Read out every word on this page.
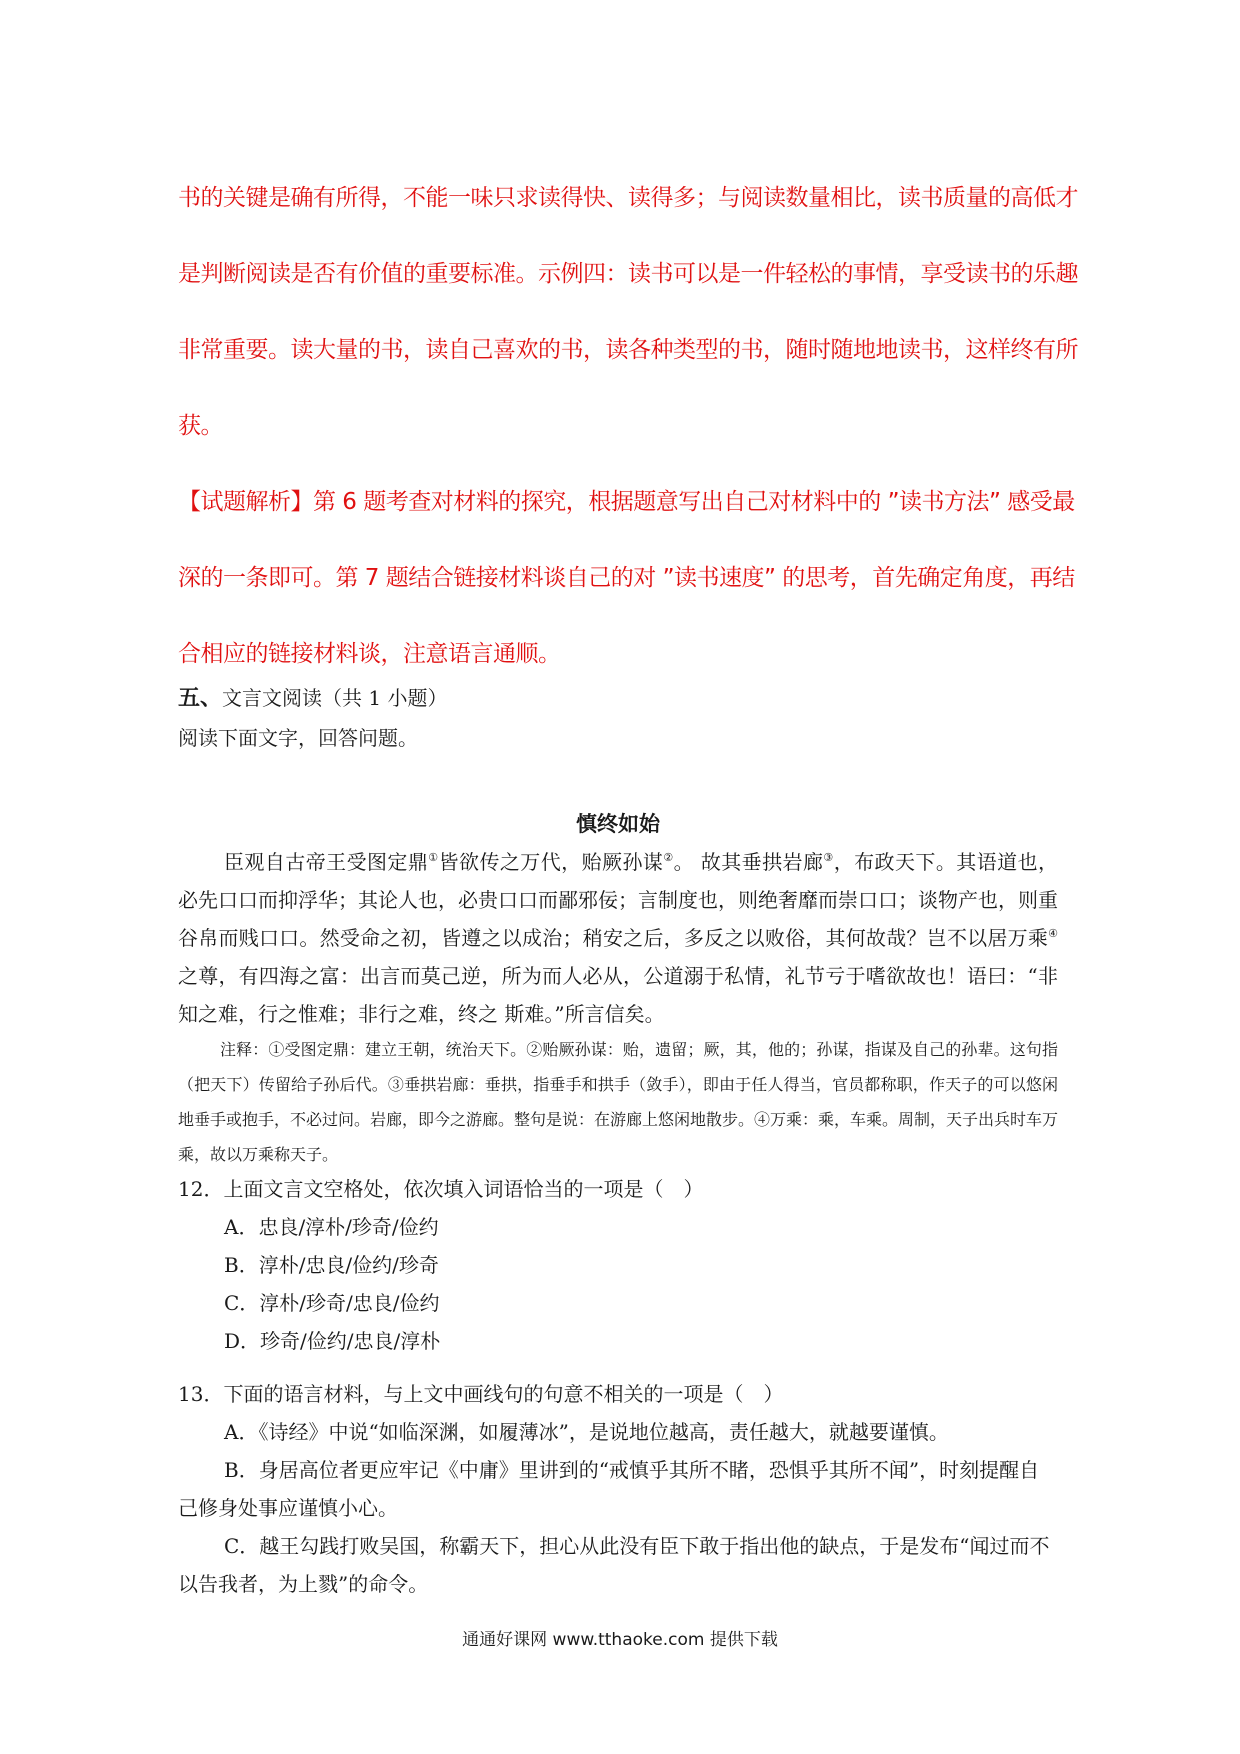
书的关键是确有所得，不能一味只求读得快、读得多；与阅读数量相比，读书质量的高低才

是判断阅读是否有价值的重要标准。示例四：读书可以是一件轻松的事情，享受读书的乐趣

非常重要。读大量的书，读自己喜欢的书，读各种类型的书，随时随地地读书，这样终有所

获。

【试题解析】第 6 题考查对材料的探究，根据题意写出自己对材料中的 ”读书方法” 感受最

深的一条即可。第 7 题结合链接材料谈自己的对 ”读书速度” 的思考，首先确定角度，再结

合相应的链接材料谈，注意语言通顺。

五、文言文阅读（共 1 小题）
阅读下面文字，回答问题。
慎终如始

臣观自古帝王受图定鼎①皆欲传之万代，贻厥孙谋②。 故其垂拱岩廊③，布政天下。其语道也，必先口口而抑浮华；其论人也，必贵口口而鄙邪佞；言制度也，则绝奢靡而崇口口；谈物产也，则重谷帛而贱口口。然受命之初，皆遵之以成治；稍安之后，多反之以败俗，其何故哉？岂不以居万乘④之尊，有四海之富：出言而莫己逆，所为而人必从，公道溺于私情，礼节亏于嗜欲故也！语曰：“非知之难，行之惟难；非行之难，终之 斯难。”所言信矣。

注释：①受图定鼎：建立王朝，统治天下。②贻厥孙谋：贻，遗留；厥，其，他的；孙谋，指谋及自己的孙辈。这句指（把天下）传留给子孙后代。③垂拱岩廊：垂拱，指垂手和拱手（敛手），即由于任人得当，官员都称职，作天子的可以悠闲地垂手或抱手，不必过问。岩廊，即今之游廊。整句是说：在游廊上悠闲地散步。④万乘：乘，车乘。周制，天子出兵时车万乘，故以万乘称天子。

12．上面文言文空格处，依次填入词语恰当的一项是（　）

A．忠良/淳朴/珍奇/俭约

B．淳朴/忠良/俭约/珍奇

C．淳朴/珍奇/忠良/俭约

D．珍奇/俭约/忠良/淳朴

13．下面的语言材料，与上文中画线句的句意不相关的一项是（　）

A．《诗经》中说“如临深渊，如履薄冰”，是说地位越高，责任越大，就越要谨慎。

B．身居高位者更应牢记《中庸》里讲到的“戒慎乎其所不睹，恐惧乎其所不闻”，时刻提醒自己修身处事应谨慎小心。

C．越王勾践打败吴国，称霸天下，担心从此没有臣下敢于指出他的缺点，于是发布“闻过而不以告我者，为上戮”的命令。

通通好课网 www.tthaoke.com 提供下载
